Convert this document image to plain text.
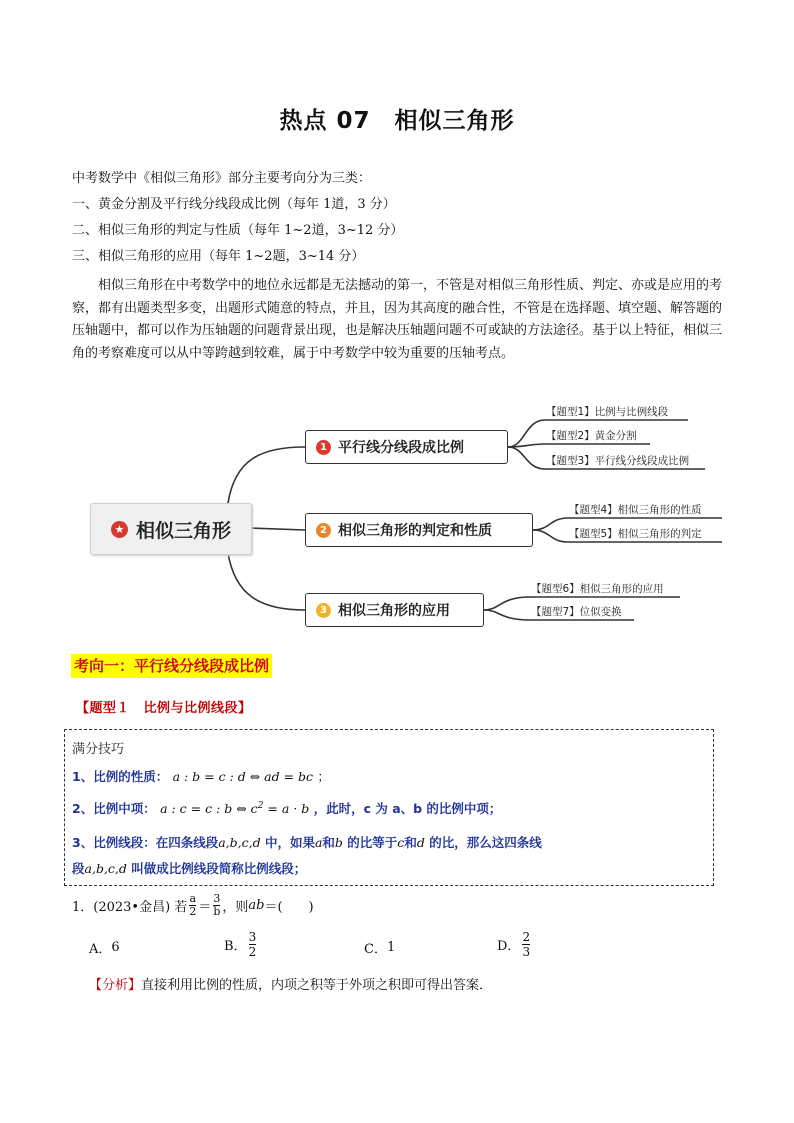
热点 07　相似三角形
中考数学中《相似三角形》部分主要考向分为三类：
一、黄金分割及平行线分线段成比例（每年 1道，3 分）
二、相似三角形的判定与性质（每年 1~2道，3~12 分）
三、相似三角形的应用（每年 1~2题，3~14 分）
相似三角形在中考数学中的地位永远都是无法撼动的第一，不管是对相似三角形性质、判定、亦或是应用的考察，都有出题类型多变，出题形式随意的特点，并且，因为其高度的融合性，不管是在选择题、填空题、解答题的压轴题中，都可以作为压轴题的问题背景出现，也是解决压轴题问题不可或缺的方法途径。基于以上特征，相似三角的考察难度可以从中等跨越到较难，属于中考数学中较为重要的压轴考点。
★ 相似三角形
1 平行线分线段成比例
2 相似三角形的判定和性质
3 相似三角形的应用
【题型1】比例与比例线段
【题型2】黄金分割
【题型3】平行线分线段成比例
【题型4】相似三角形的性质
【题型5】相似三角形的判定
【题型6】相似三角形的应用
【题型7】位似变换
考向一：平行线分线段成比例
【题型１　比例与比例线段】
满分技巧
1、比例的性质： a : b = c : d ⇔ ad = bc ；
2、比例中项： a : c = c : b ⇔ $c^2 = a \cdot b$ ，此时，c 为 a、b 的比例中项；
3、比例线段：在四条线段a,b,c,d 中，如果a和b 的比等于c和d 的比，那么这四条线
段a,b,c,d 叫做成比例线段简称比例线段；
1．(2023•金昌) 若 $\frac{a}{2} = \frac{3}{b}$ ，则 ab ＝(　　)
A． 6	B． $\frac{3}{2}$	C． 1	D． $\frac{2}{3}$
【分析】直接利用比例的性质，内项之积等于外项之积即可得出答案．
